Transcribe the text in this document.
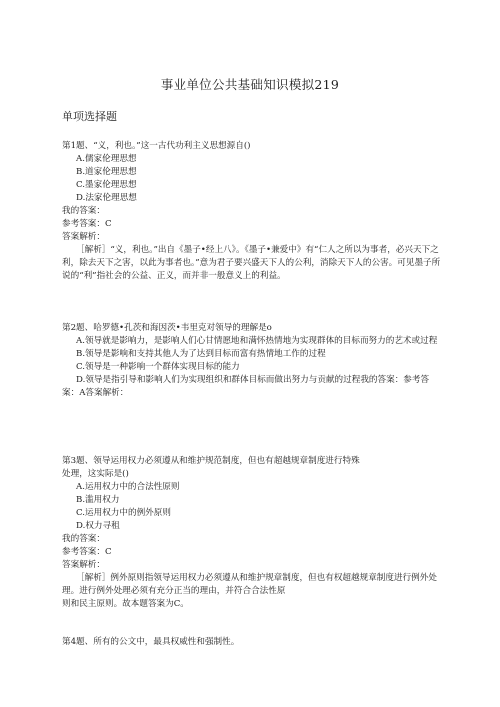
事业单位公共基础知识模拟219
单项选择题
第1题、“义，利也。”这一古代功利主义思想源自()
A.儒家伦理思想
B.道家伦理思想
C.墨家伦理思想
D.法家伦理思想
我的答案：
参考答案：C
答案解析：
［解析］“义，利也。”出自《墨子•经上八》。《墨子•兼爱中》有“仁人之所以为事者，必兴天下之利，除去天下之害，以此为事者也。”意为君子要兴盛天下人的公利，消除天下人的公害。可见墨子所说的“利”指社会的公益、正义，而并非一般意义上的利益。
第2题、哈罗德•孔茨和海因茨•韦里克对领导的理解是o
A.领导就是影响力，是影响人们心甘情愿地和满怀热情地为实现群体的目标而努力的艺术或过程
B.领导是影响和支持其他人为了达到目标而富有热情地工作的过程
C.领导是一种影响一个群体实现目标的能力
D.领导是指引导和影响人们为实现组织和群体目标而做出努力与贡献的过程我的答案：参考答案：A答案解析：
第3题、领导运用权力必须遵从和维护规范制度，但也有超越规章制度进行特殊
处理，这实际是()
A.运用权力中的合法性原则
B.滥用权力
C.运用权力中的例外原则
D.权力寻租
我的答案：
参考答案：C
答案解析：
［解析］例外原则指领导运用权力必须遵从和维护规章制度，但也有权超越规章制度进行例外处理。进行例外处理必须有充分正当的理由，并符合合法性原
则和民主原则。故本题答案为C。
第4题、所有的公文中，最具权威性和强制性。
